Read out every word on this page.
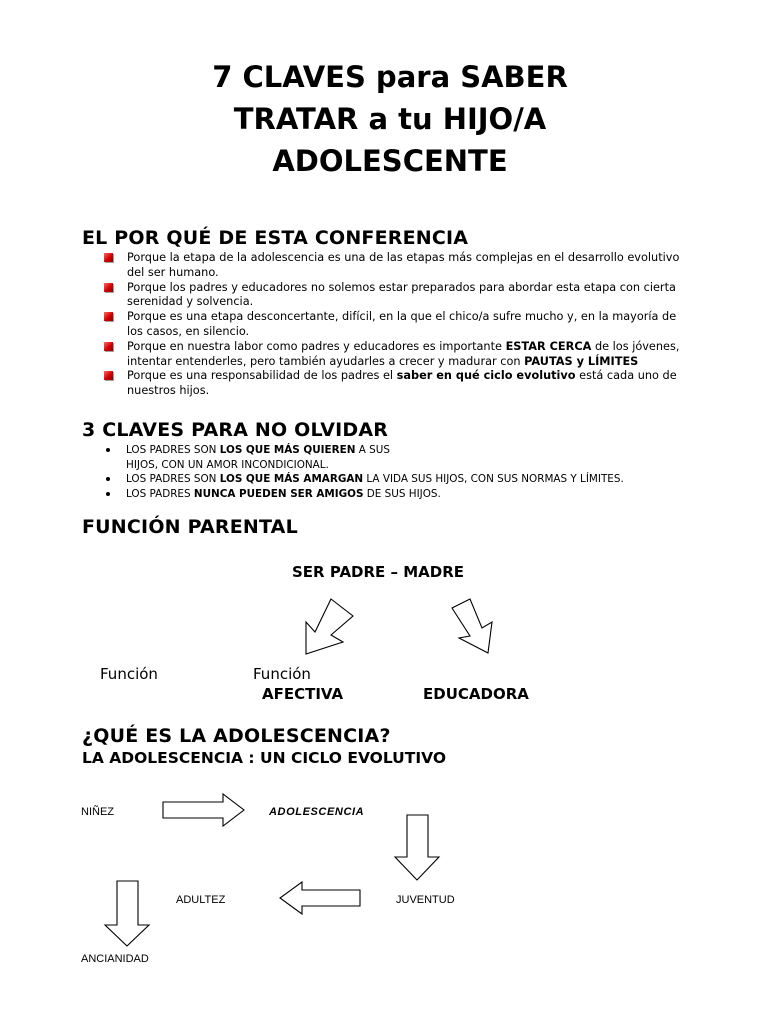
7 CLAVES para SABER
TRATAR a tu HIJO/A
ADOLESCENTE
EL POR QUÉ DE ESTA CONFERENCIA
Porque la etapa de la adolescencia es una de las etapas más complejas en el desarrollo evolutivo del ser humano.
Porque los padres y educadores no solemos estar preparados para abordar esta etapa con cierta serenidad y solvencia.
Porque es una etapa desconcertante, difícil, en la que el chico/a sufre mucho y, en la mayoría de los casos, en silencio.
Porque en nuestra labor como padres y educadores es importante ESTAR CERCA de los jóvenes, intentar entenderles, pero también ayudarles a crecer y madurar con PAUTAS y LÍMITES
Porque es una responsabilidad de los padres el saber en qué ciclo evolutivo está cada uno de nuestros hijos.
3 CLAVES PARA NO OLVIDAR
LOS PADRES SON LOS QUE MÁS QUIEREN A SUS
HIJOS, CON UN AMOR INCONDICIONAL.
LOS PADRES SON LOS QUE MÁS AMARGAN LA VIDA SUS HIJOS, CON SUS NORMAS Y LÍMITES.
LOS PADRES NUNCA PUEDEN SER AMIGOS DE SUS HIJOS.
FUNCIÓN PARENTAL
SER PADRE – MADRE
Función	Función
AFECTIVA	EDUCADORA
¿QUÉ ES LA ADOLESCENCIA?
LA ADOLESCENCIA : UN CICLO EVOLUTIVO
NIÑEZ	ADOLESCENCIA
JUVENTUD
ADULTEZ
ANCIANIDAD
